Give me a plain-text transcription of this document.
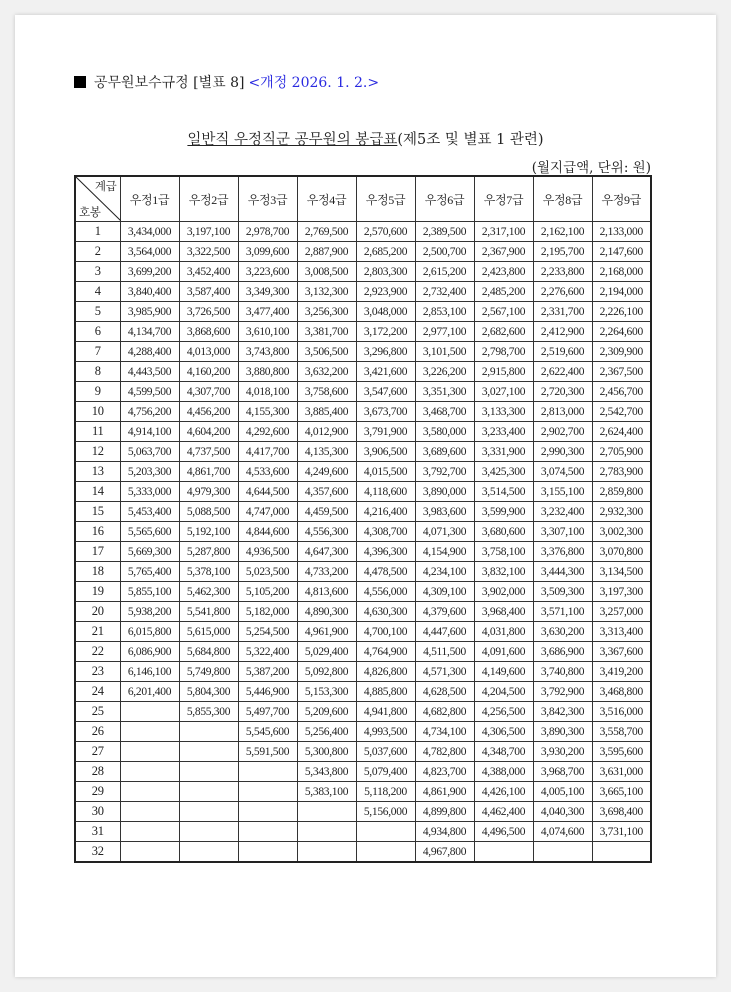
공무원보수규정 [별표 8] <개정 2026. 1. 2.>
일반직 우정직군 공무원의 봉급표(제5조 및 별표 1 관련)
(월지급액, 단위: 원)
계급
호봉	우정1급	우정2급	우정3급	우정4급	우정5급	우정6급	우정7급	우정8급	우정9급
1	3,434,000	3,197,100	2,978,700	2,769,500	2,570,600	2,389,500	2,317,100	2,162,100	2,133,000
2	3,564,000	3,322,500	3,099,600	2,887,900	2,685,200	2,500,700	2,367,900	2,195,700	2,147,600
3	3,699,200	3,452,400	3,223,600	3,008,500	2,803,300	2,615,200	2,423,800	2,233,800	2,168,000
4	3,840,400	3,587,400	3,349,300	3,132,300	2,923,900	2,732,400	2,485,200	2,276,600	2,194,000
5	3,985,900	3,726,500	3,477,400	3,256,300	3,048,000	2,853,100	2,567,100	2,331,700	2,226,100
6	4,134,700	3,868,600	3,610,100	3,381,700	3,172,200	2,977,100	2,682,600	2,412,900	2,264,600
7	4,288,400	4,013,000	3,743,800	3,506,500	3,296,800	3,101,500	2,798,700	2,519,600	2,309,900
8	4,443,500	4,160,200	3,880,800	3,632,200	3,421,600	3,226,200	2,915,800	2,622,400	2,367,500
9	4,599,500	4,307,700	4,018,100	3,758,600	3,547,600	3,351,300	3,027,100	2,720,300	2,456,700
10	4,756,200	4,456,200	4,155,300	3,885,400	3,673,700	3,468,700	3,133,300	2,813,000	2,542,700
11	4,914,100	4,604,200	4,292,600	4,012,900	3,791,900	3,580,000	3,233,400	2,902,700	2,624,400
12	5,063,700	4,737,500	4,417,700	4,135,300	3,906,500	3,689,600	3,331,900	2,990,300	2,705,900
13	5,203,300	4,861,700	4,533,600	4,249,600	4,015,500	3,792,700	3,425,300	3,074,500	2,783,900
14	5,333,000	4,979,300	4,644,500	4,357,600	4,118,600	3,890,000	3,514,500	3,155,100	2,859,800
15	5,453,400	5,088,500	4,747,000	4,459,500	4,216,400	3,983,600	3,599,900	3,232,400	2,932,300
16	5,565,600	5,192,100	4,844,600	4,556,300	4,308,700	4,071,300	3,680,600	3,307,100	3,002,300
17	5,669,300	5,287,800	4,936,500	4,647,300	4,396,300	4,154,900	3,758,100	3,376,800	3,070,800
18	5,765,400	5,378,100	5,023,500	4,733,200	4,478,500	4,234,100	3,832,100	3,444,300	3,134,500
19	5,855,100	5,462,300	5,105,200	4,813,600	4,556,000	4,309,100	3,902,000	3,509,300	3,197,300
20	5,938,200	5,541,800	5,182,000	4,890,300	4,630,300	4,379,600	3,968,400	3,571,100	3,257,000
21	6,015,800	5,615,000	5,254,500	4,961,900	4,700,100	4,447,600	4,031,800	3,630,200	3,313,400
22	6,086,900	5,684,800	5,322,400	5,029,400	4,764,900	4,511,500	4,091,600	3,686,900	3,367,600
23	6,146,100	5,749,800	5,387,200	5,092,800	4,826,800	4,571,300	4,149,600	3,740,800	3,419,200
24	6,201,400	5,804,300	5,446,900	5,153,300	4,885,800	4,628,500	4,204,500	3,792,900	3,468,800
25		5,855,300	5,497,700	5,209,600	4,941,800	4,682,800	4,256,500	3,842,300	3,516,000
26			5,545,600	5,256,400	4,993,500	4,734,100	4,306,500	3,890,300	3,558,700
27			5,591,500	5,300,800	5,037,600	4,782,800	4,348,700	3,930,200	3,595,600
28				5,343,800	5,079,400	4,823,700	4,388,000	3,968,700	3,631,000
29				5,383,100	5,118,200	4,861,900	4,426,100	4,005,100	3,665,100
30					5,156,000	4,899,800	4,462,400	4,040,300	3,698,400
31						4,934,800	4,496,500	4,074,600	3,731,100
32						4,967,800			
